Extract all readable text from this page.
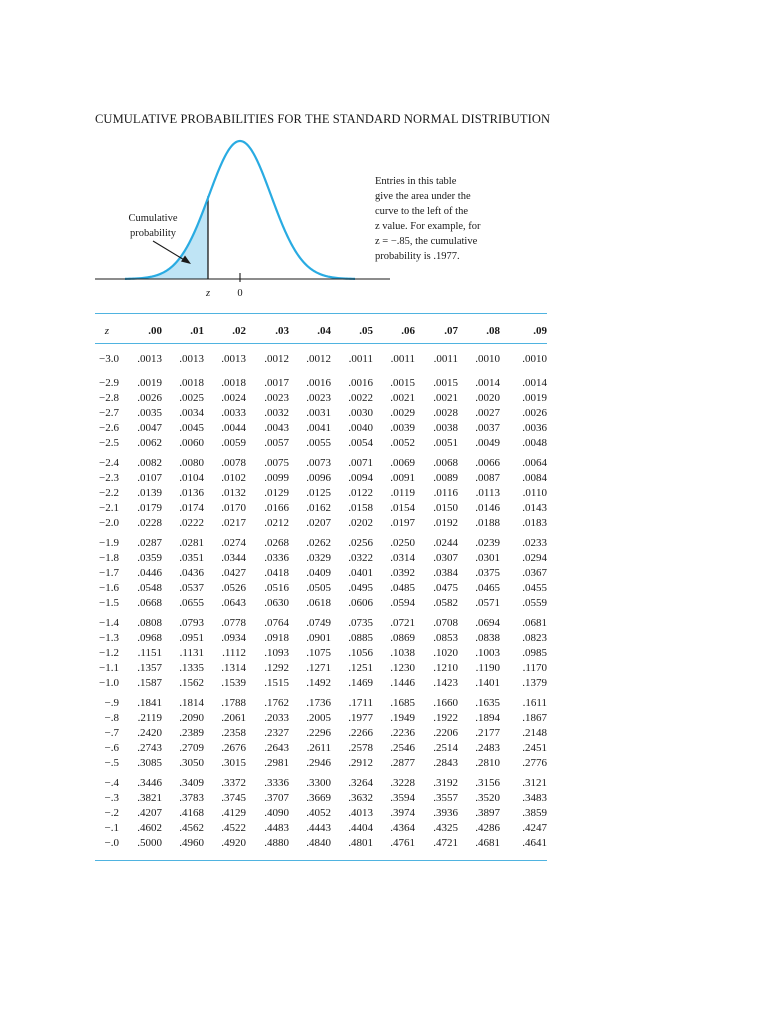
CUMULATIVE PROBABILITIES FOR THE STANDARD NORMAL DISTRIBUTION
Cumulative
probability
z	0
Entries in this table
give the area under the
curve to the left of the
z value. For example, for
z = −.85, the cumulative
probability is .1977.
z	.00	.01	.02	.03	.04	.05	.06	.07	.08	.09
−3.0 .0013 .0013 .0013 .0012 .0012 .0011 .0011 .0011 .0010 .0010
−2.9 .0019 .0018 .0018 .0017 .0016 .0016 .0015 .0015 .0014 .0014
−2.8 .0026 .0025 .0024 .0023 .0023 .0022 .0021 .0021 .0020 .0019
−2.7 .0035 .0034 .0033 .0032 .0031 .0030 .0029 .0028 .0027 .0026
−2.6 .0047 .0045 .0044 .0043 .0041 .0040 .0039 .0038 .0037 .0036
−2.5 .0062 .0060 .0059 .0057 .0055 .0054 .0052 .0051 .0049 .0048
−2.4 .0082 .0080 .0078 .0075 .0073 .0071 .0069 .0068 .0066 .0064
−2.3 .0107 .0104 .0102 .0099 .0096 .0094 .0091 .0089 .0087 .0084
−2.2 .0139 .0136 .0132 .0129 .0125 .0122 .0119 .0116 .0113 .0110
−2.1 .0179 .0174 .0170 .0166 .0162 .0158 .0154 .0150 .0146 .0143
−2.0 .0228 .0222 .0217 .0212 .0207 .0202 .0197 .0192 .0188 .0183
−1.9 .0287 .0281 .0274 .0268 .0262 .0256 .0250 .0244 .0239 .0233
−1.8 .0359 .0351 .0344 .0336 .0329 .0322 .0314 .0307 .0301 .0294
−1.7 .0446 .0436 .0427 .0418 .0409 .0401 .0392 .0384 .0375 .0367
−1.6 .0548 .0537 .0526 .0516 .0505 .0495 .0485 .0475 .0465 .0455
−1.5 .0668 .0655 .0643 .0630 .0618 .0606 .0594 .0582 .0571 .0559
−1.4 .0808 .0793 .0778 .0764 .0749 .0735 .0721 .0708 .0694 .0681
−1.3 .0968 .0951 .0934 .0918 .0901 .0885 .0869 .0853 .0838 .0823
−1.2 .1151 .1131 .1112 .1093 .1075 .1056 .1038 .1020 .1003 .0985
−1.1 .1357 .1335 .1314 .1292 .1271 .1251 .1230 .1210 .1190 .1170
−1.0 .1587 .1562 .1539 .1515 .1492 .1469 .1446 .1423 .1401 .1379
−.9 .1841 .1814 .1788 .1762 .1736 .1711 .1685 .1660 .1635 .1611
−.8 .2119 .2090 .2061 .2033 .2005 .1977 .1949 .1922 .1894 .1867
−.7 .2420 .2389 .2358 .2327 .2296 .2266 .2236 .2206 .2177 .2148
−.6 .2743 .2709 .2676 .2643 .2611 .2578 .2546 .2514 .2483 .2451
−.5 .3085 .3050 .3015 .2981 .2946 .2912 .2877 .2843 .2810 .2776
−.4 .3446 .3409 .3372 .3336 .3300 .3264 .3228 .3192 .3156 .3121
−.3 .3821 .3783 .3745 .3707 .3669 .3632 .3594 .3557 .3520 .3483
−.2 .4207 .4168 .4129 .4090 .4052 .4013 .3974 .3936 .3897 .3859
−.1 .4602 .4562 .4522 .4483 .4443 .4404 .4364 .4325 .4286 .4247
−.0 .5000 .4960 .4920 .4880 .4840 .4801 .4761 .4721 .4681 .4641
